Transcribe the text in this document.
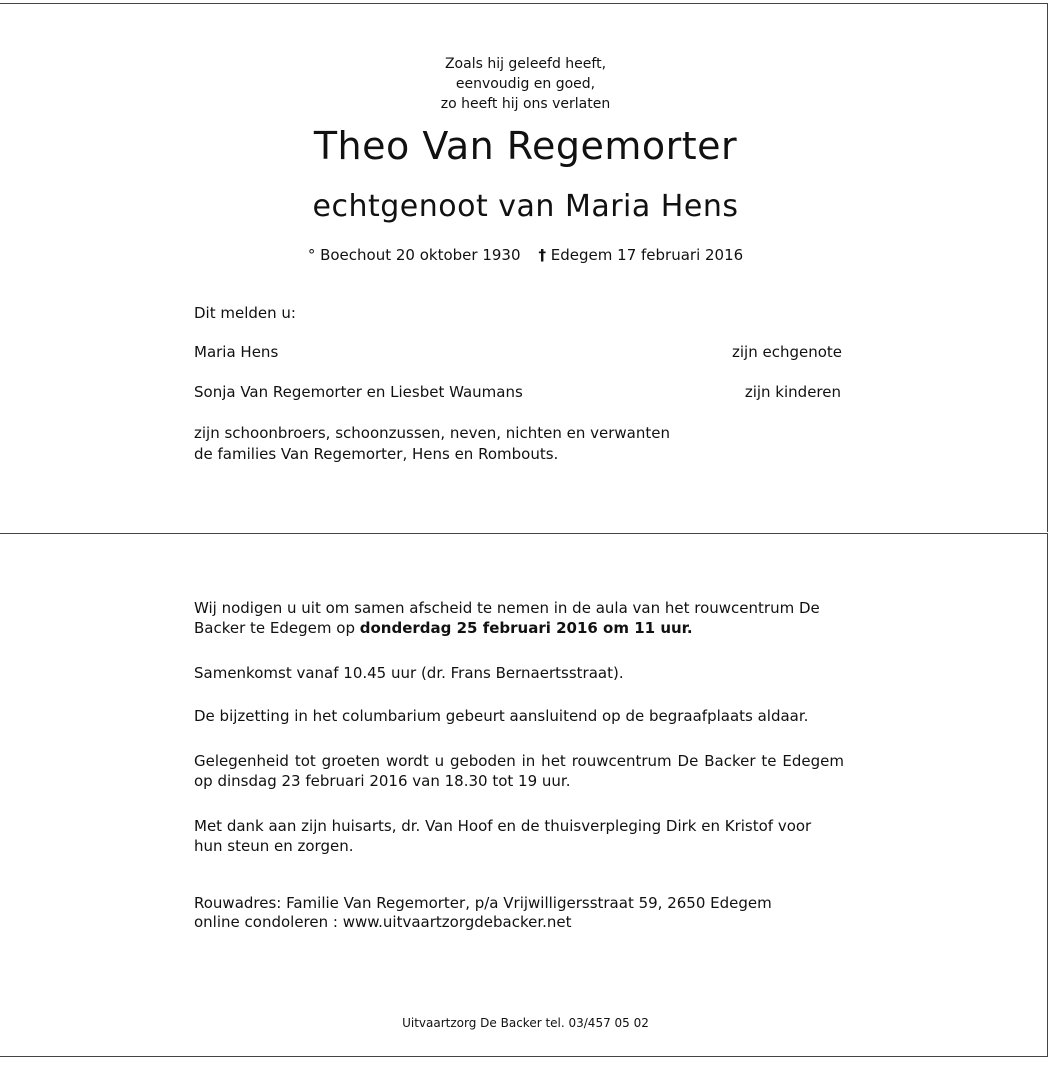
Zoals hij geleefd heeft,
eenvoudig en goed,
zo heeft hij ons verlaten
Theo Van Regemorter
echtgenoot van Maria Hens
° Boechout 20 oktober 1930 † Edegem 17 februari 2016
Dit melden u:
Maria Hens	zijn echgenote
Sonja Van Regemorter en Liesbet Waumans	zijn kinderen
zijn schoonbroers, schoonzussen, neven, nichten en verwanten
de families Van Regemorter, Hens en Rombouts.
Wij nodigen u uit om samen afscheid te nemen in de aula van het rouwcentrum De Backer te Edegem op donderdag 25 februari 2016 om 11 uur.
Samenkomst vanaf 10.45 uur (dr. Frans Bernaertsstraat).
De bijzetting in het columbarium gebeurt aansluitend op de begraafplaats aldaar.
Gelegenheid tot groeten wordt u geboden in het rouwcentrum De Backer te Edegem op dinsdag 23 februari 2016 van 18.30 tot 19 uur.
Met dank aan zijn huisarts, dr. Van Hoof en de thuisverpleging Dirk en Kristof voor hun steun en zorgen.
Rouwadres: Familie Van Regemorter, p/a Vrijwilligersstraat 59, 2650 Edegem
online condoleren : www.uitvaartzorgdebacker.net
Uitvaartzorg De Backer tel. 03/457 05 02
